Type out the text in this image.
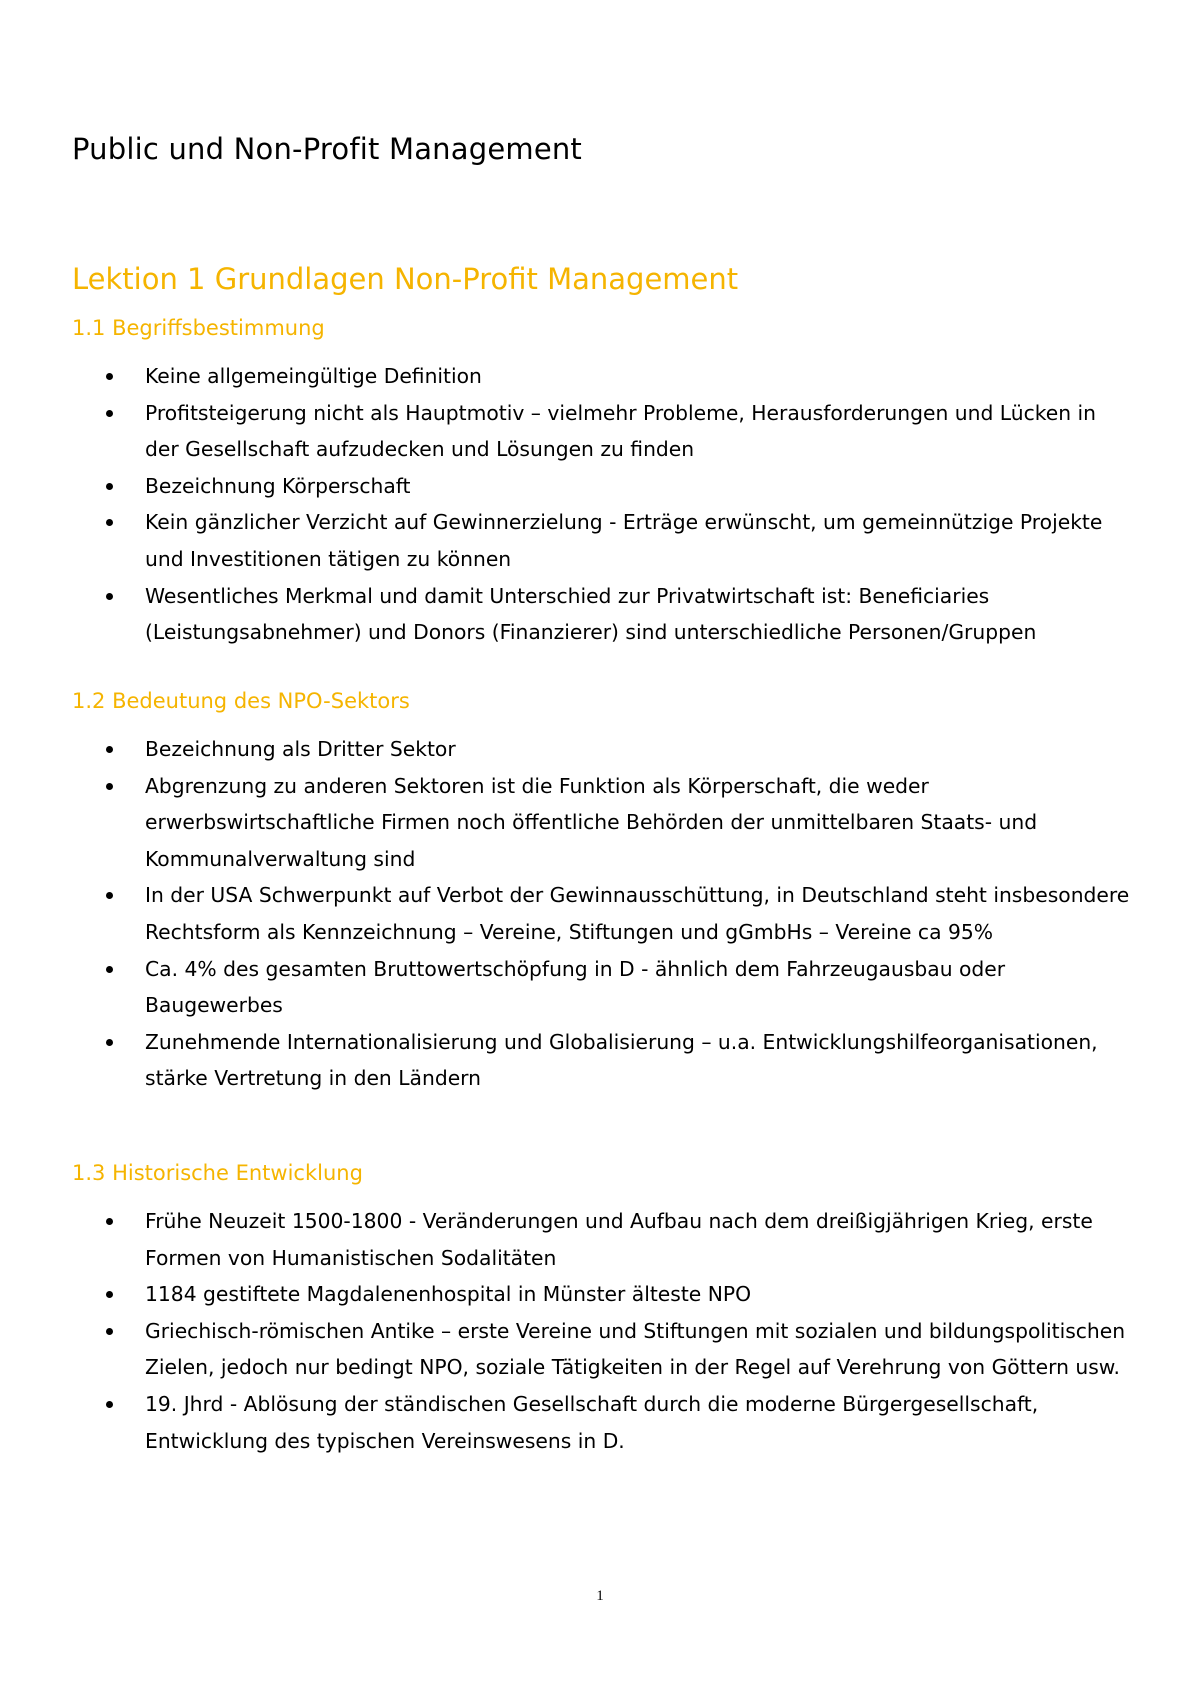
Public und Non-Profit Management
Lektion 1 Grundlagen Non-Profit Management
1.1 Begriffsbestimmung
Keine allgemeingültige Definition
Profitsteigerung nicht als Hauptmotiv – vielmehr Probleme, Herausforderungen und Lücken in der Gesellschaft aufzudecken und Lösungen zu finden
Bezeichnung Körperschaft
Kein gänzlicher Verzicht auf Gewinnerzielung - Erträge erwünscht, um gemeinnützige Projekte und Investitionen tätigen zu können
Wesentliches Merkmal und damit Unterschied zur Privatwirtschaft ist: Beneficiaries (Leistungsabnehmer) und Donors (Finanzierer) sind unterschiedliche Personen/Gruppen
1.2 Bedeutung des NPO-Sektors
Bezeichnung als Dritter Sektor
Abgrenzung zu anderen Sektoren ist die Funktion als Körperschaft, die weder erwerbswirtschaftliche Firmen noch öffentliche Behörden der unmittelbaren Staats- und Kommunalverwaltung sind
In der USA Schwerpunkt auf Verbot der Gewinnausschüttung, in Deutschland steht insbesondere Rechtsform als Kennzeichnung – Vereine, Stiftungen und gGmbHs – Vereine ca 95%
Ca. 4% des gesamten Bruttowertschöpfung in D - ähnlich dem Fahrzeugausbau oder Baugewerbes
Zunehmende Internationalisierung und Globalisierung – u.a. Entwicklungshilfeorganisationen, stärke Vertretung in den Ländern
1.3 Historische Entwicklung
Frühe Neuzeit 1500-1800 - Veränderungen und Aufbau nach dem dreißigjährigen Krieg, erste Formen von Humanistischen Sodalitäten
1184 gestiftete Magdalenenhospital in Münster älteste NPO
Griechisch-römischen Antike – erste Vereine und Stiftungen mit sozialen und bildungspolitischen Zielen, jedoch nur bedingt NPO, soziale Tätigkeiten in der Regel auf Verehrung von Göttern usw.
19. Jhrd - Ablösung der ständischen Gesellschaft durch die moderne Bürgergesellschaft, Entwicklung des typischen Vereinswesens in D.
1
